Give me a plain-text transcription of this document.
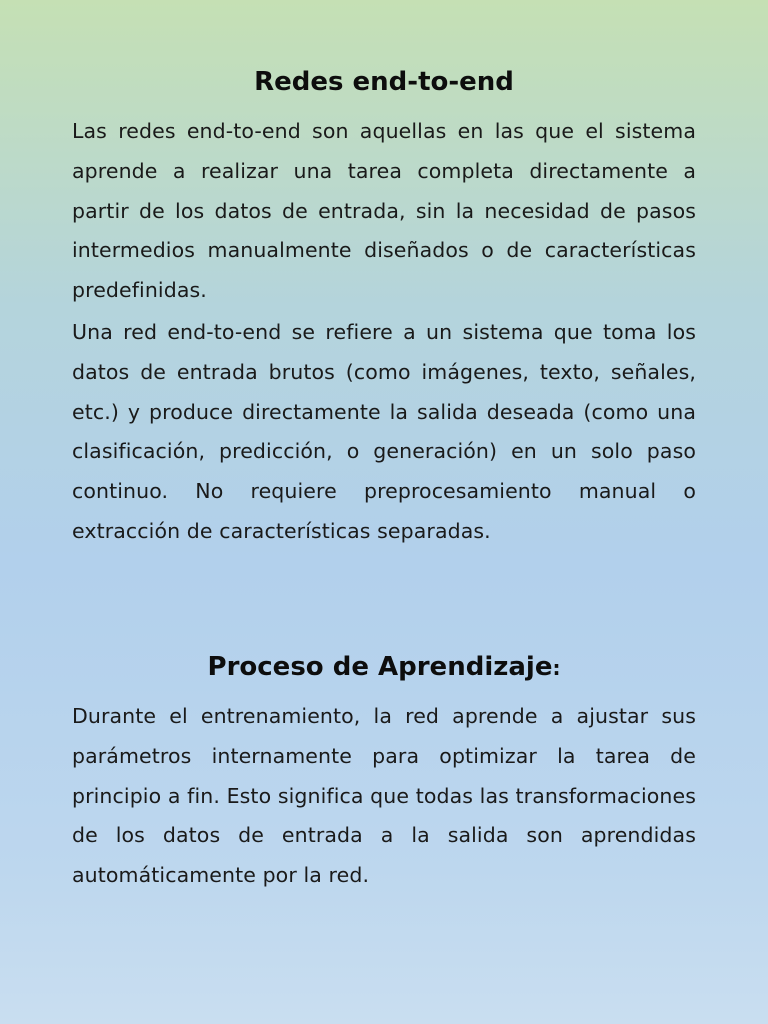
Redes end-to-end

Las redes end-to-end son aquellas en las que el sistema aprende a realizar una tarea completa directamente a partir de los datos de entrada, sin la necesidad de pasos intermedios manualmente diseñados o de características predefinidas.

Una red end-to-end se refiere a un sistema que toma los datos de entrada brutos (como imágenes, texto, señales, etc.) y produce directamente la salida deseada (como una clasificación, predicción, o generación) en un solo paso continuo. No requiere preprocesamiento manual o extracción de características separadas.

Proceso de Aprendizaje:

Durante el entrenamiento, la red aprende a ajustar sus parámetros internamente para optimizar la tarea de principio a fin. Esto significa que todas las transformaciones de los datos de entrada a la salida son aprendidas automáticamente por la red.
